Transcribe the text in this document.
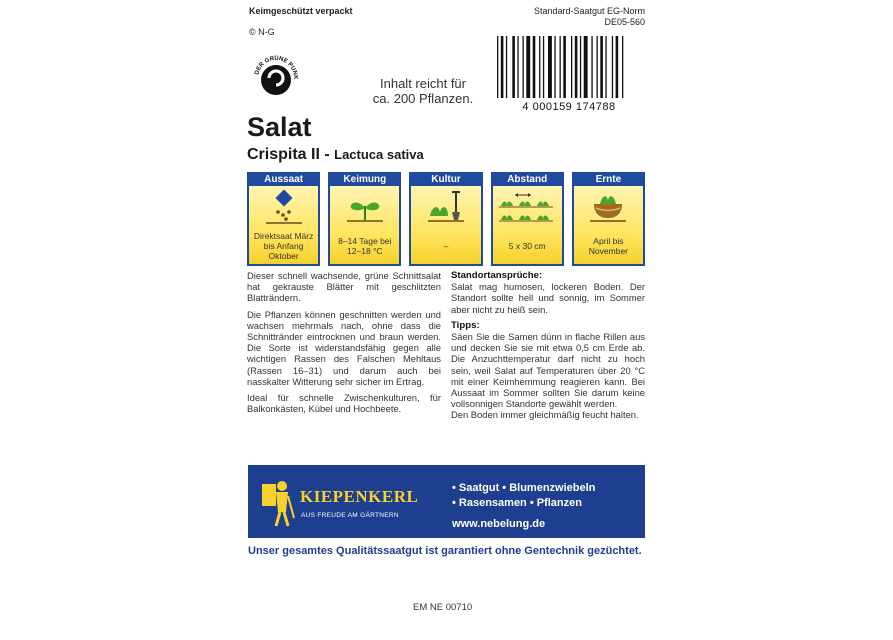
Keimgeschützt verpackt
© N-G
Standard-Saatgut EG-Norm
DE05-560
DER GRÜNE PUNK	Inhalt reicht für
ca. 200 Pflanzen.
4 000159 174788
Salat
Crispita II - Lactuca sativa
Aussaat
Direktsaat März bis Anfang Oktober
Keimung
8–14 Tage bei 12–18 °C
Kultur
–
Abstand
5 x 30 cm
Ernte
April bis November

Dieser schnell wachsende, grüne Schnittsalat hat gekrauste Blätter mit geschlitzten Blatträndern.

Die Pflanzen können geschnitten werden und wachsen mehrmals nach, ohne dass die Schnittränder eintrocknen und braun werden. Die Sorte ist widerstandsfähig gegen alle wichtigen Rassen des Falschen Mehltaus (Rassen 16–31) und darum auch bei nasskalter Witterung sehr sicher im Ertrag.

Ideal für schnelle Zwischenkulturen, für Balkonkästen, Kübel und Hochbeete.

Standortansprüche:

Salat mag humosen, lockeren Boden. Der Standort sollte hell und sonnig, im Sommer aber nicht zu heiß sein.

Tipps:

Säen Sie die Samen dünn in flache Rillen aus und decken Sie sie mit etwa 0,5 cm Erde ab. Die Anzuchttemperatur darf nicht zu hoch sein, weil Salat auf Temperaturen über 20 °C mit einer Keimhemmung reagieren kann. Bei Aussaat im Sommer sollten Sie darum keine vollsonnigen Standorte gewählt werden.

Den Boden immer gleichmäßig feucht halten.

KIEPENKERL
AUS FREUDE AM GÄRTNERN
• Saatgut • Blumenzwiebeln
• Rasensamen • Pflanzen
www.nebelung.de
Unser gesamtes Qualitätssaatgut ist garantiert ohne Gentechnik gezüchtet.
EM NE 00710
